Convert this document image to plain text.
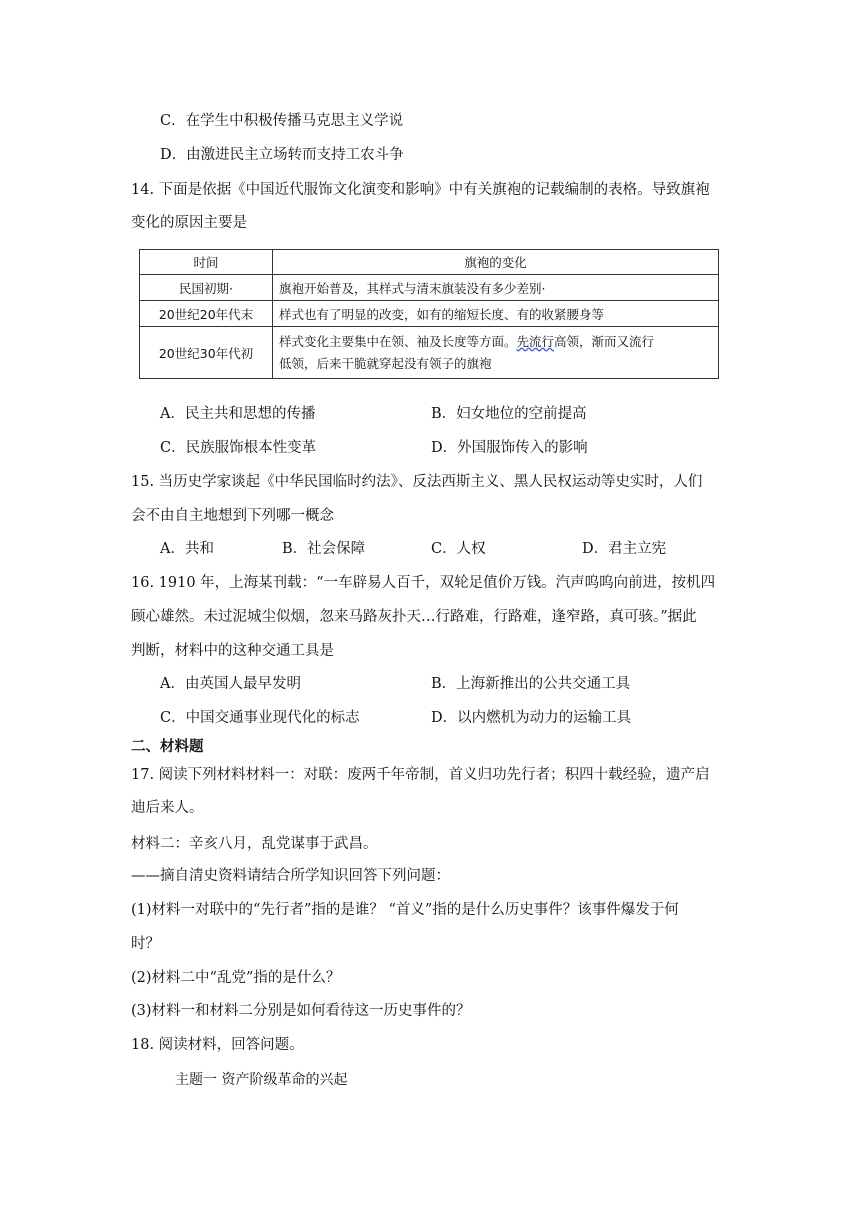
C．在学生中积极传播马克思主义学说
D．由激进民主立场转而支持工农斗争
14. 下面是依据《中国近代服饰文化演变和影响》中有关旗袍的记载编制的表格。导致旗袍
变化的原因主要是
时间	旗袍的变化
民国初期·	旗袍开始普及，其样式与清末旗装没有多少差别·
20世纪20年代末	样式也有了明显的改变，如有的缩短长度、有的收紧腰身等
20世纪30年代初	样式变化主要集中在领、袖及长度等方面。先流行高领，渐而又流行
低领，后来干脆就穿起没有领子的旗袍
A．民主共和思想的传播	B．妇女地位的空前提高
C．民族服饰根本性变革	D．外国服饰传入的影响
15. 当历史学家谈起《中华民国临时约法》、反法西斯主义、黑人民权运动等史实时，人们
会不由自主地想到下列哪一概念
A．共和	B．社会保障	C．人权	D．君主立宪
16. 1910 年，上海某刊载：“一车辟易人百千，双轮足值价万钱。汽声呜呜向前进，按机四
顾心雄然。未过泥城尘似烟，忽来马路灰扑天…行路难，行路难，逢窄路，真可骇。”据此
判断，材料中的这种交通工具是
A．由英国人最早发明	B．上海新推出的公共交通工具
C．中国交通事业现代化的标志	D．以内燃机为动力的运输工具
二、材料题
17. 阅读下列材料材料一：对联：废两千年帝制，首义归功先行者；积四十载经验，遗产启
迪后来人。
材料二：辛亥八月，乱党谋事于武昌。
——摘自清史资料请结合所学知识回答下列问题：
(1)材料一对联中的“先行者”指的是谁？ “首义”指的是什么历史事件？该事件爆发于何
时？
(2)材料二中“乱党”指的是什么？
(3)材料一和材料二分别是如何看待这一历史事件的？
18. 阅读材料，回答问题。
主题一 资产阶级革命的兴起
